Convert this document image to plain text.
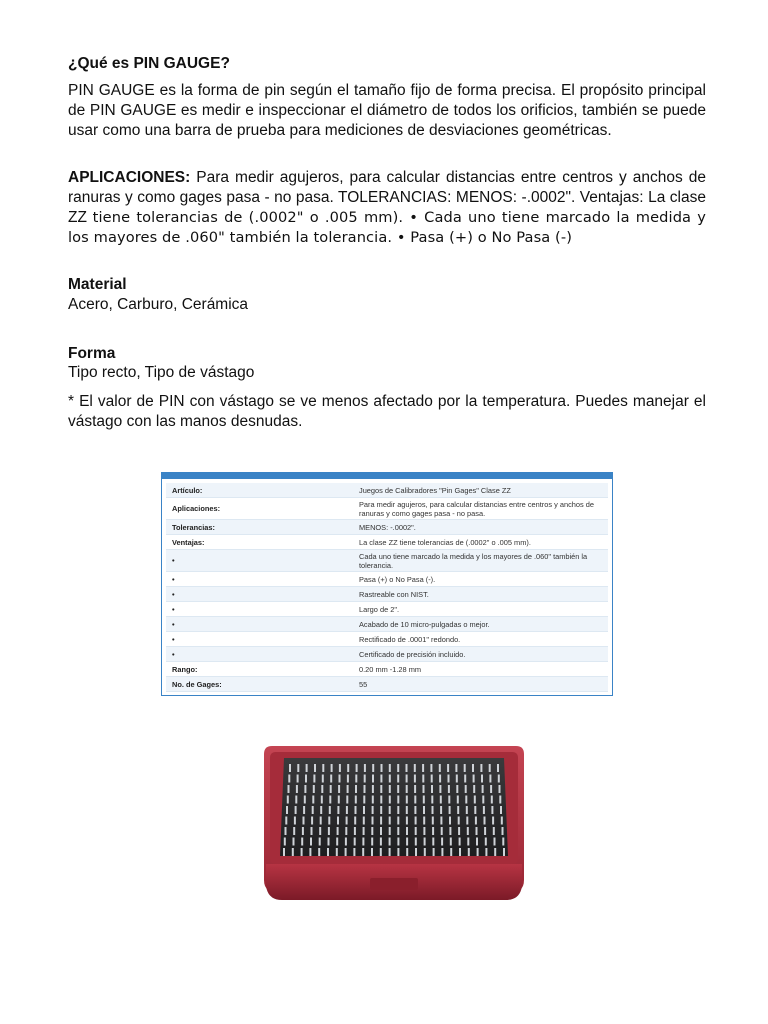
¿Qué es PIN GAUGE?
PIN GAUGE es la forma de pin según el tamaño fijo de forma precisa. El propósito principal de PIN GAUGE es medir e inspeccionar el diámetro de todos los orificios, también se puede usar como una barra de prueba para mediciones de desviaciones geométricas.
APLICACIONES: Para medir agujeros, para calcular distancias entre centros y anchos de ranuras y como gages pasa - no pasa. TOLERANCIAS: MENOS: -.0002". Ventajas: La clase ZZ tiene tolerancias de (.0002" o .005 mm). • Cada uno tiene marcado la medida y los mayores de .060" también la tolerancia. • Pasa (+) o No Pasa (-)
Material
Acero, Carburo, Cerámica
Forma
Tipo recto, Tipo de vástago
* El valor de PIN con vástago se ve menos afectado por la temperatura. Puedes manejar el vástago con las manos desnudas.
Artículo:	Juegos de Calibradores "Pin Gages" Clase ZZ
Aplicaciones:	Para medir agujeros, para calcular distancias entre centros y anchos de ranuras y como gages pasa - no pasa.
Tolerancias:	MENOS: -.0002".
Ventajas:	La clase ZZ tiene tolerancias de (.0002" o .005 mm).
•	Cada uno tiene marcado la medida y los mayores de .060" también la tolerancia.
•	Pasa (+) o No Pasa (-).
•	Rastreable con NIST.
•	Largo de 2".
•	Acabado de 10 micro-pulgadas o mejor.
•	Rectificado de .0001" redondo.
•	Certificado de precisión incluido.
Rango:	0.20 mm -1.28 mm
No. de Gages:	55
